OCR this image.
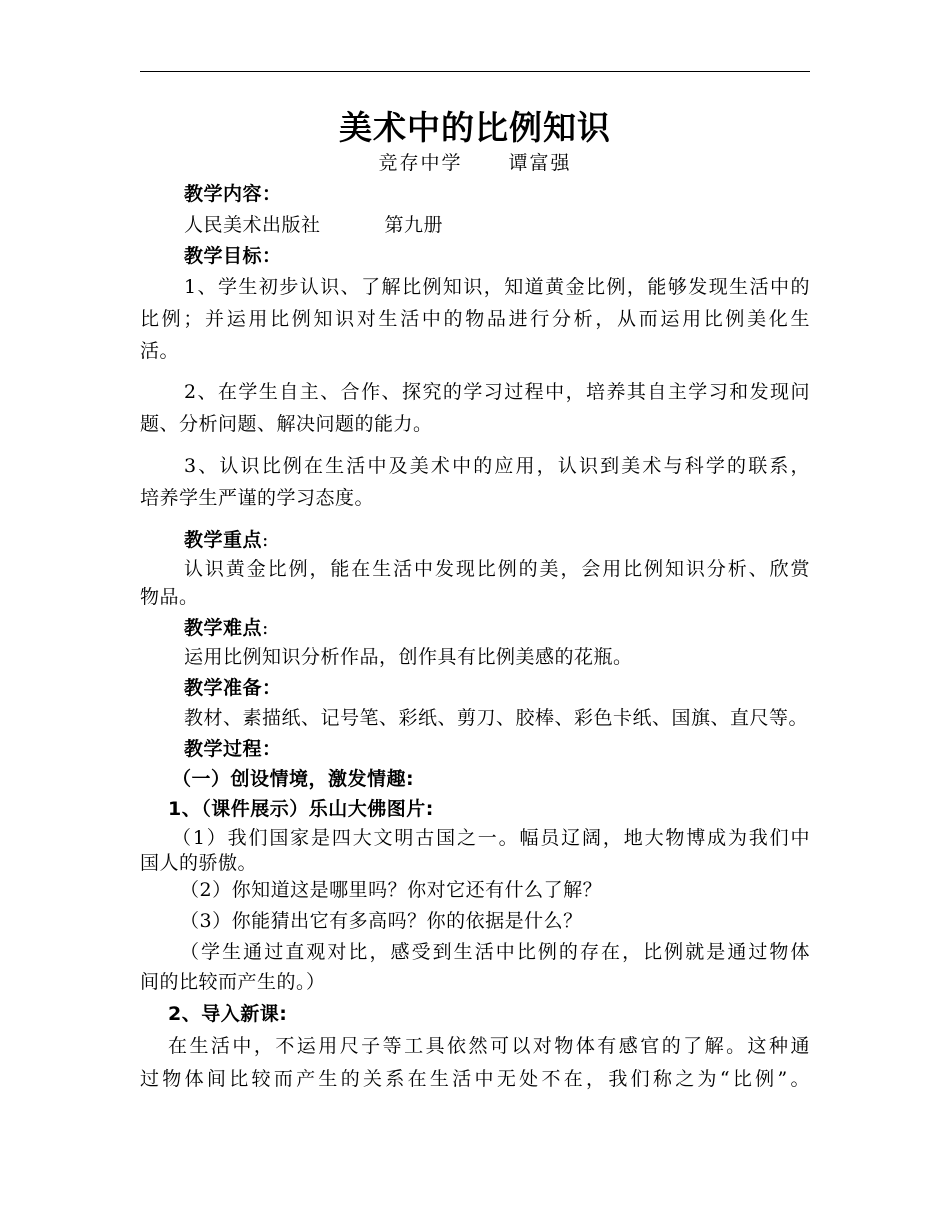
美术中的比例知识
竞存中学 谭富强
教学内容：
人民美术出版社	第九册
教学目标：
1、学生初步认识、了解比例知识，知道黄金比例，能够发现生活中的
比例；并运用比例知识对生活中的物品进行分析，从而运用比例美化生
活。
2、在学生自主、合作、探究的学习过程中，培养其自主学习和发现问
题、分析问题、解决问题的能力。
3、认识比例在生活中及美术中的应用，认识到美术与科学的联系，
培养学生严谨的学习态度。
教学重点:
认识黄金比例，能在生活中发现比例的美，会用比例知识分析、欣赏
物品。
教学难点:
运用比例知识分析作品，创作具有比例美感的花瓶。
教学准备：
教材、素描纸、记号笔、彩纸、剪刀、胶棒、彩色卡纸、国旗、直尺等。
教学过程：
（一）创设情境，激发情趣:
1、（课件展示）乐山大佛图片:
（1）我们国家是四大文明古国之一。幅员辽阔，地大物博成为我们中
国人的骄傲。
（2）你知道这是哪里吗？你对它还有什么了解？
（3）你能猜出它有多高吗？你的依据是什么？
（学生通过直观对比，感受到生活中比例的存在，比例就是通过物体
间的比较而产生的。）
2、导入新课:
在生活中，不运用尺子等工具依然可以对物体有感官的了解。这种通
过物体间比较而产生的关系在生活中无处不在，我们称之为“比例”。
